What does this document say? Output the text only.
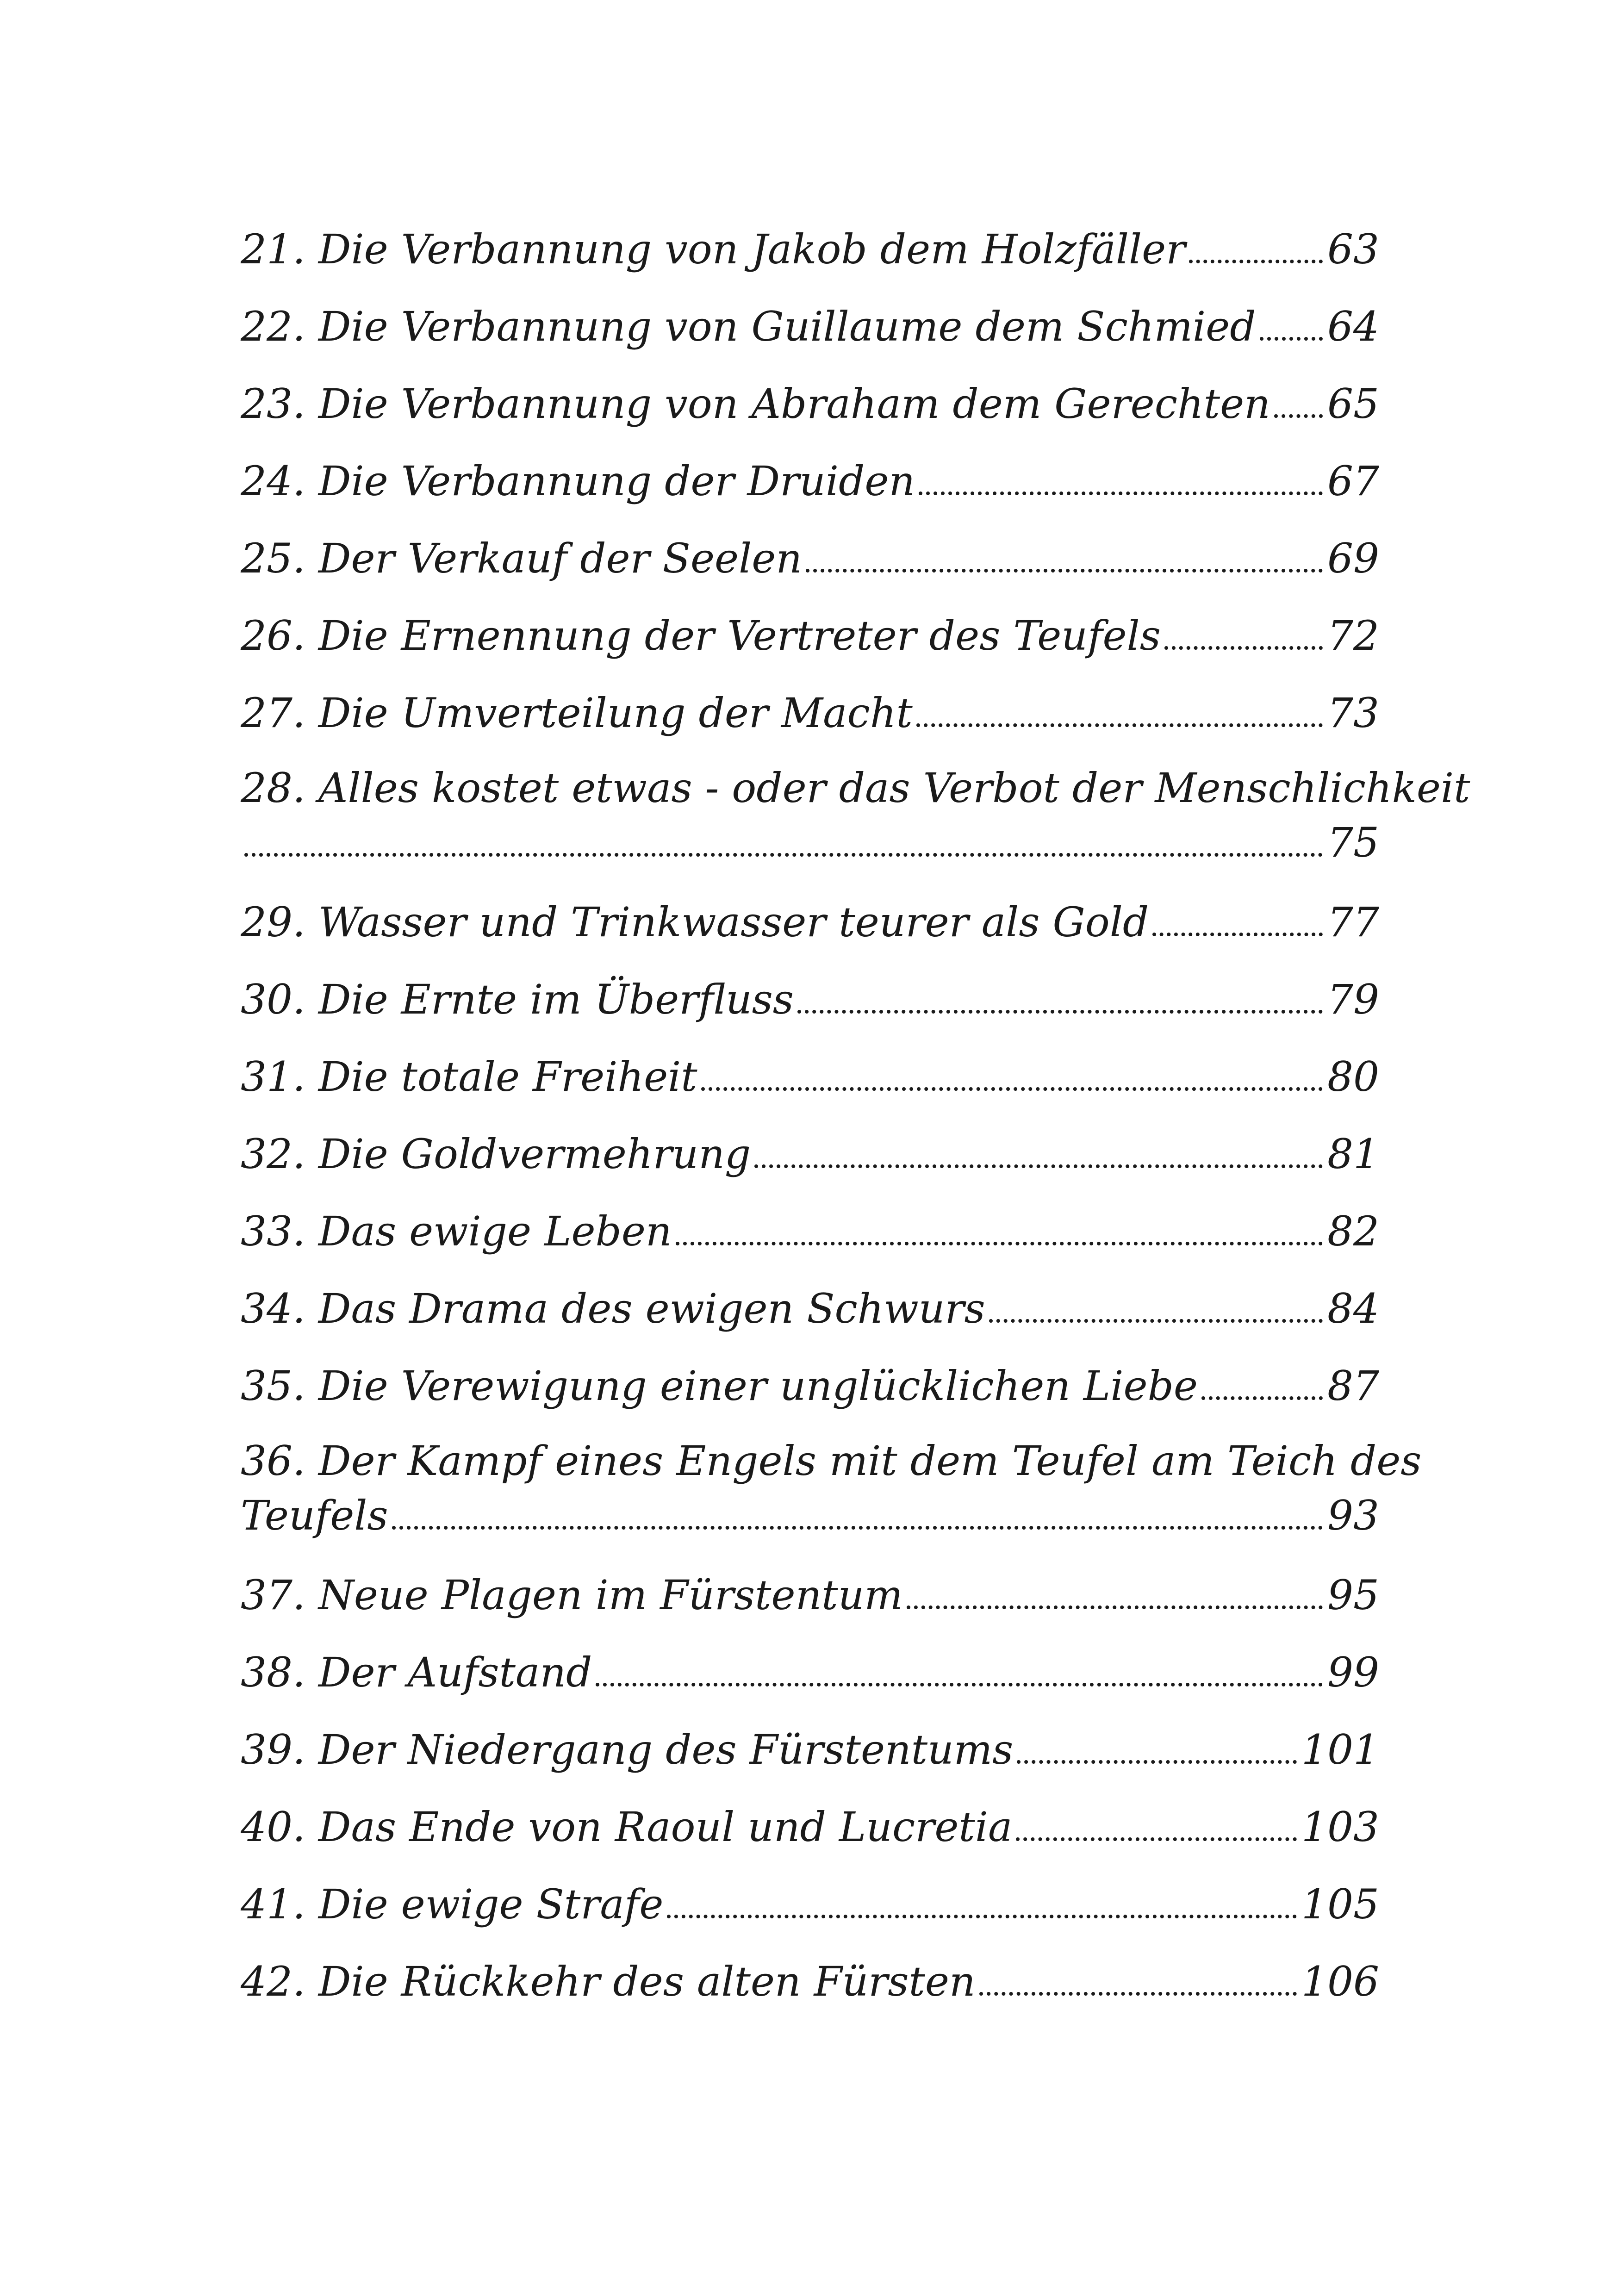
21. Die Verbannung von Jakob dem Holzfäller	63
22. Die Verbannung von Guillaume dem Schmied 64
23. Die Verbannung von Abraham dem Gerechten 65
24. Die Verbannung der Druiden	67
25. Der Verkauf der Seelen	69
26. Die Ernennung der Vertreter des Teufels	72
27. Die Umverteilung der Macht	73
28. Alles kostet etwas - oder das Verbot der Menschlichkeit
75
29. Wasser und Trinkwasser teurer als Gold	77
30. Die Ernte im Überfluss	79
31. Die totale Freiheit	80
32. Die Goldvermehrung	81
33. Das ewige Leben	82
34. Das Drama des ewigen Schwurs	84
35. Die Verewigung einer unglücklichen Liebe	87
36. Der Kampf eines Engels mit dem Teufel am Teich des
Teufels	93
37. Neue Plagen im Fürstentum	95
38. Der Aufstand	99
39. Der Niedergang des Fürstentums	101
40. Das Ende von Raoul und Lucretia	103
41. Die ewige Strafe	105
42. Die Rückkehr des alten Fürsten	106
